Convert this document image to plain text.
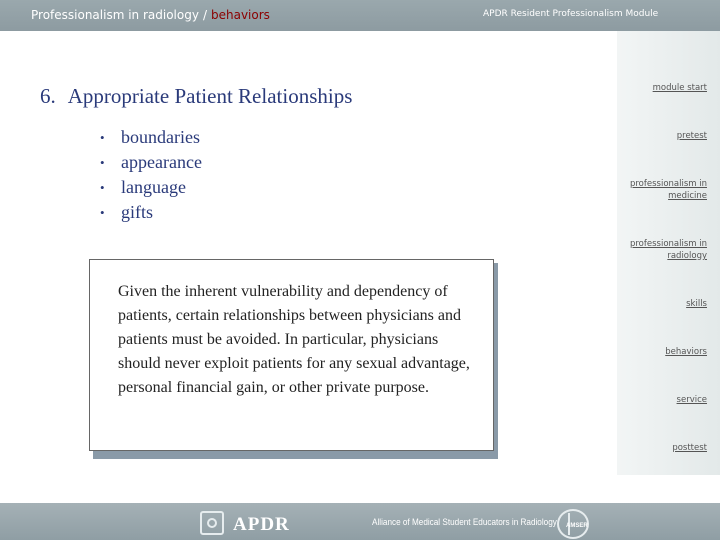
Professionalism in radiology / behaviors	APDR Resident Professionalism Module
module start
pretest
professionalism in medicine
professionalism in radiology
skills
behaviors
service
posttest
6. Appropriate Patient Relationships
• boundaries
• appearance
• language
• gifts
Given the inherent vulnerability and dependency of patients, certain relationships between physicians and patients must be avoided. In particular, physicians should never exploit patients for any sexual advantage, personal financial gain, or other private purpose.
APDR	Alliance of Medical Student Educators in Radiology AMSER
